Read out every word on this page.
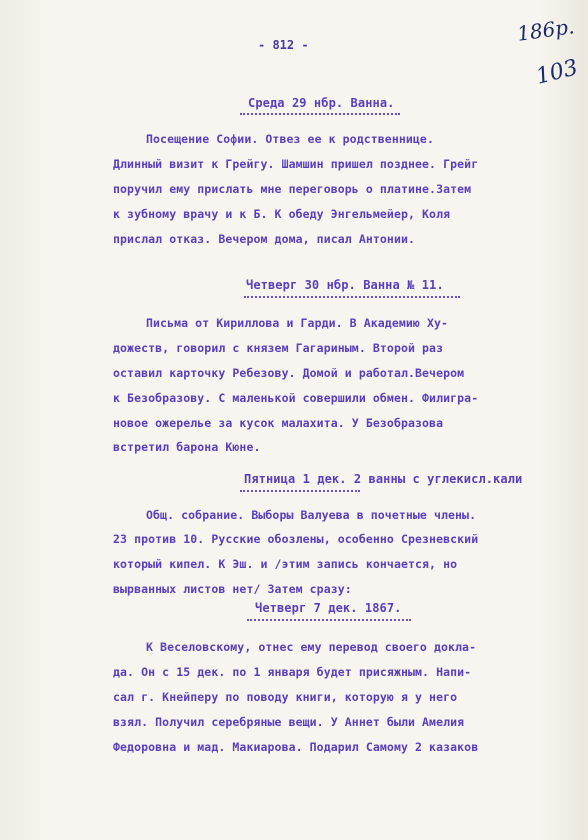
- 812 -	186р.
103
Среда 29 нбр. Ванна.
Посещение Софии. Отвез ее к родственнице.
Длинный визит к Грейгу. Шамшин пришел позднее. Грейг
поручил ему прислать мне переговорь о платине.Затем
к зубному врачу и к Б. К обеду Энгельмейер, Коля
прислал отказ. Вечером дома, писал Антонии.
Четверг 30 нбр. Ванна № 11.
Письма от Кириллова и Гарди. В Академию Ху-
дожеств, говорил с князем Гагариным. Второй раз
оставил карточку Ребезову. Домой и работал.Вечером
к Безобразову. С маленькой совершили обмен. Филигра-
новое ожерелье за кусок малахита. У Безобразова
встретил барона Кюне.
Пятница 1 дек. 2 ванны с углекисл.кали
Общ. собрание. Выборы Валуева в почетные члены.
23 против 10. Русские обозлены, особенно Срезневский
который кипел. К Эш. и /этим запись кончается, но
вырванных листов нет/ Затем сразу:
Четверг 7 дек. 1867.
К Веселовскому, отнес ему перевод своего докла-
да. Он с 15 дек. по 1 января будет присяжным. Напи-
сал г. Кнейперу по поводу книги, которую я у него
взял. Получил серебряные вещи. У Аннет были Амелия
Федоровна и мад. Макиарова. Подарил Самому 2 казаков
